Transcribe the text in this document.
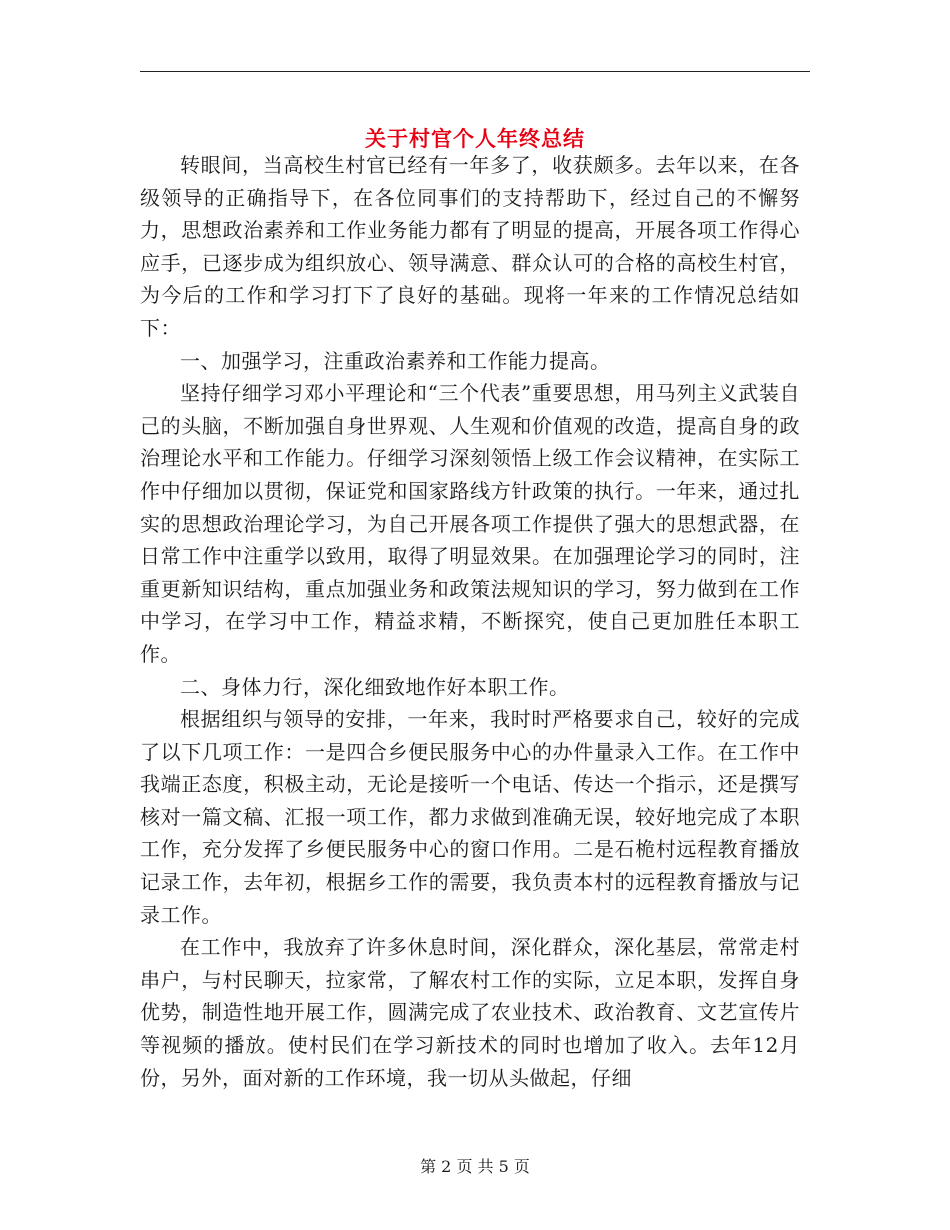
关于村官个人年终总结

转眼间，当高校生村官已经有一年多了，收获颇多。去年以来，在各级领导的正确指导下，在各位同事们的支持帮助下，经过自己的不懈努力，思想政治素养和工作业务能力都有了明显的提高，开展各项工作得心应手，已逐步成为组织放心、领导满意、群众认可的合格的高校生村官，为今后的工作和学习打下了良好的基础。现将一年来的工作情况总结如下：

一、加强学习，注重政治素养和工作能力提高。

坚持仔细学习邓小平理论和“三个代表”重要思想，用马列主义武装自己的头脑，不断加强自身世界观、人生观和价值观的改造，提高自身的政治理论水平和工作能力。仔细学习深刻领悟上级工作会议精神，在实际工作中仔细加以贯彻，保证党和国家路线方针政策的执行。一年来，通过扎实的思想政治理论学习，为自己开展各项工作提供了强大的思想武器，在日常工作中注重学以致用，取得了明显效果。在加强理论学习的同时，注重更新知识结构，重点加强业务和政策法规知识的学习，努力做到在工作中学习，在学习中工作，精益求精，不断探究，使自己更加胜任本职工作。

二、身体力行，深化细致地作好本职工作。

根据组织与领导的安排，一年来，我时时严格要求自己，较好的完成了以下几项工作：一是四合乡便民服务中心的办件量录入工作。在工作中我端正态度，积极主动，无论是接听一个电话、传达一个指示，还是撰写核对一篇文稿、汇报一项工作，都力求做到准确无误，较好地完成了本职工作，充分发挥了乡便民服务中心的窗口作用。二是石桅村远程教育播放记录工作，去年初，根据乡工作的需要，我负责本村的远程教育播放与记录工作。

在工作中，我放弃了许多休息时间，深化群众，深化基层，常常走村串户，与村民聊天，拉家常，了解农村工作的实际，立足本职，发挥自身优势，制造性地开展工作，圆满完成了农业技术、政治教育、文艺宣传片等视频的播放。使村民们在学习新技术的同时也增加了收入。去年12月份，另外，面对新的工作环境，我一切从头做起，仔细

第 2 页 共 5 页
